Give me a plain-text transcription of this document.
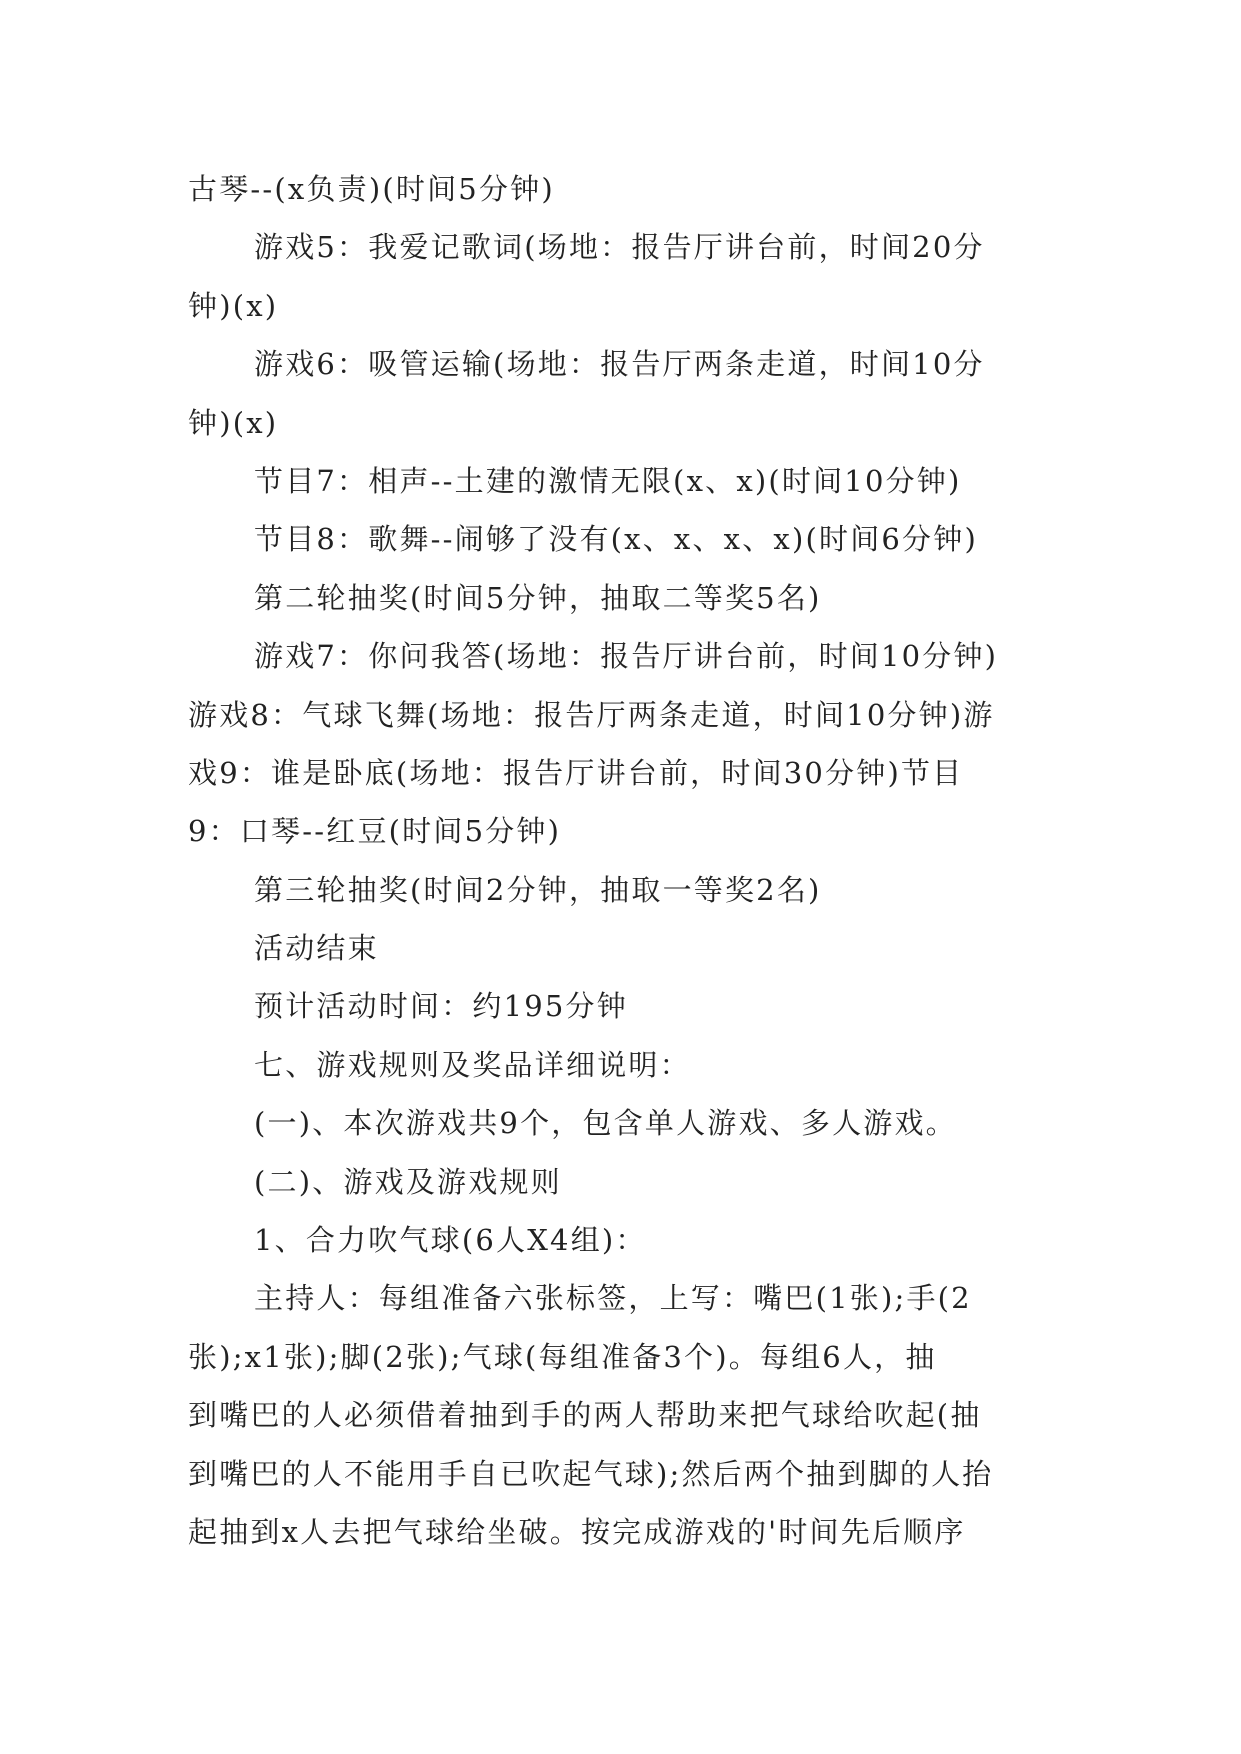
古琴--(x负责)(时间5分钟)
游戏5：我爱记歌词(场地：报告厅讲台前，时间20分
钟)(x)
游戏6：吸管运输(场地：报告厅两条走道，时间10分
钟)(x)
节目7：相声--土建的激情无限(x、x)(时间10分钟)
节目8：歌舞--闹够了没有(x、x、x、x)(时间6分钟)
第二轮抽奖(时间5分钟，抽取二等奖5名)
游戏7：你问我答(场地：报告厅讲台前，时间10分钟)
游戏8：气球飞舞(场地：报告厅两条走道，时间10分钟)游
戏9：谁是卧底(场地：报告厅讲台前，时间30分钟)节目
9：口琴--红豆(时间5分钟)
第三轮抽奖(时间2分钟，抽取一等奖2名)
活动结束
预计活动时间：约195分钟
七、游戏规则及奖品详细说明：
(一)、本次游戏共9个，包含单人游戏、多人游戏。
(二)、游戏及游戏规则
1、合力吹气球(6人X4组)：
主持人：每组准备六张标签，上写：嘴巴(1张);手(2
张);x1张);脚(2张);气球(每组准备3个)。每组6人，抽
到嘴巴的人必须借着抽到手的两人帮助来把气球给吹起(抽
到嘴巴的人不能用手自已吹起气球);然后两个抽到脚的人抬
起抽到x人去把气球给坐破。按完成游戏的'时间先后顺序
